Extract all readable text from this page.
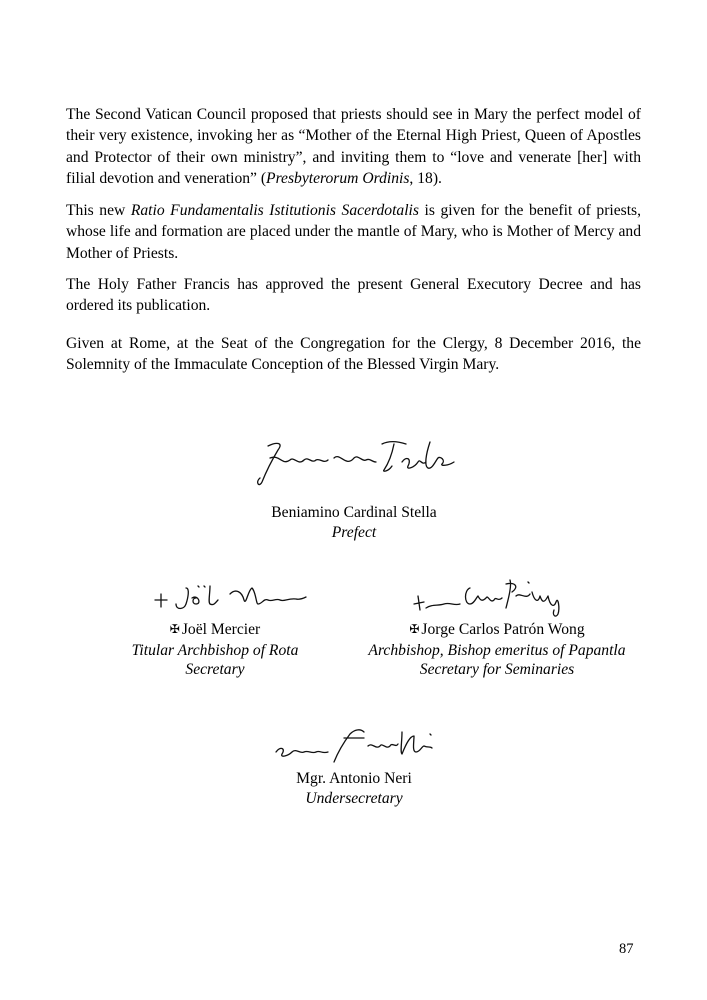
The Second Vatican Council proposed that priests should see in Mary the perfect model of their very existence, invoking her as “Mother of the Eternal High Priest, Queen of Apostles and Protector of their own ministry”, and inviting them to “love and venerate [her] with filial devotion and veneration” (Presbyterorum Ordinis, 18).

This new Ratio Fundamentalis Istitutionis Sacerdotalis is given for the benefit of priests, whose life and formation are placed under the mantle of Mary, who is Mother of Mercy and Mother of Priests.

The Holy Father Francis has approved the present General Executory Decree and has ordered its publication.

Given at Rome, at the Seat of the Congregation for the Clergy, 8 December 2016, the Solemnity of the Immaculate Conception of the Blessed Virgin Mary.

Beniamino Cardinal Stella
Prefect
✠ Joël Mercier
Titular Archbishop of Rota
Secretary
✠ Jorge Carlos Patrón Wong
Archbishop, Bishop emeritus of Papantla
Secretary for Seminaries
Mgr. Antonio Neri
Undersecretary
87
